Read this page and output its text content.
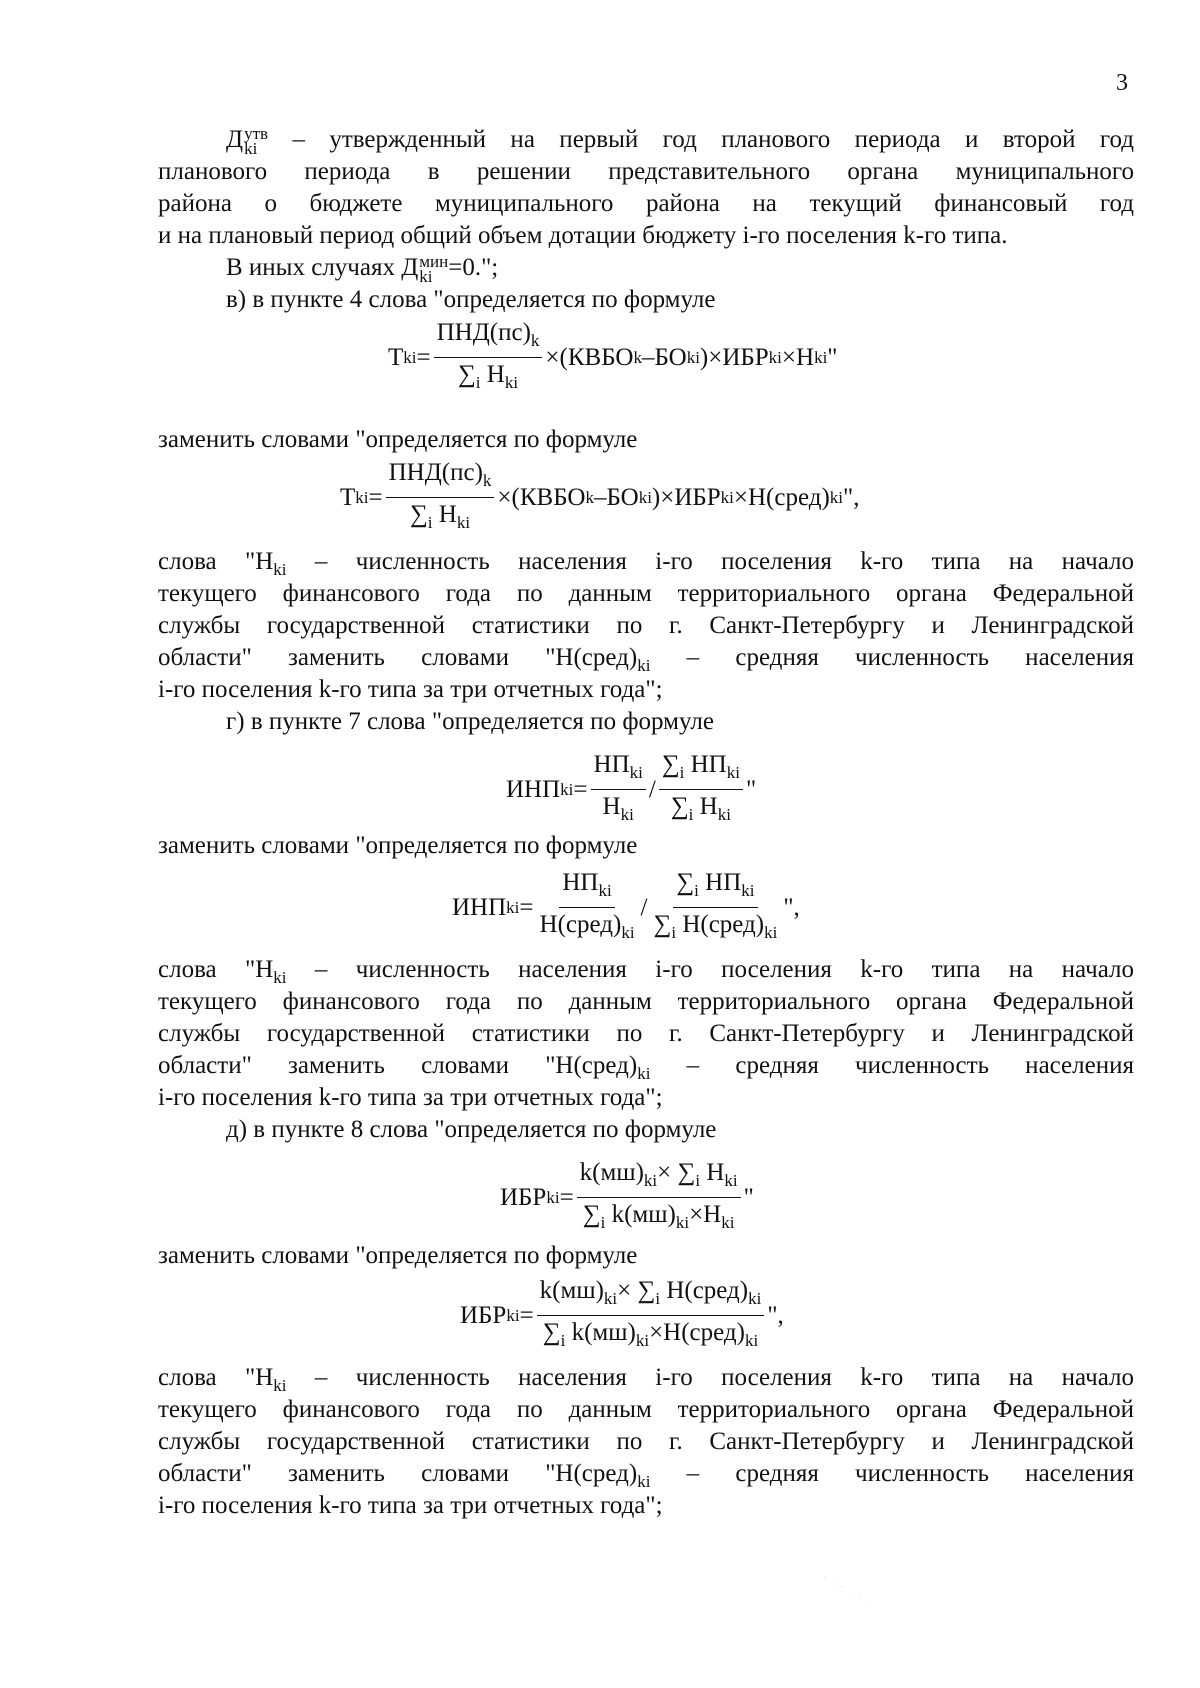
3
Д утв
ki	– утвержденный на первый год планового периода и второй год
планового периода в решении представительного органа муниципального
района о бюджете муниципального района на текущий финансовый год
и на плановый период общий объем дотации бюджету i-го поселения k-го типа.
В иных случаях Д мин
ki =0.";
в) в пункте 4 слова "определяется по формуле
T ki = $\frac{ПНД(пс)_k}{\sum_i Н_{ki}}$ ×(КВБО k –БО ki )×ИБР ki ×Н ki "
заменить словами "определяется по формуле
T ki = $\frac{ПНД(пс)_k}{\sum_i Н_{ki}}$ ×(КВБО k –БО ki )×ИБР ki ×Н(сред) ki ",
слова "$Н_{ki}$ – численность населения i-го поселения k-го типа на начало
текущего финансового года по данным территориального органа Федеральной
службы государственной статистики по г. Санкт-Петербургу и Ленинградской
области" заменить словами "$Н(сред)_{ki}$ – средняя численность населения
i-го поселения k-го типа за три отчетных года";
г) в пункте 7 слова "определяется по формуле
ИНП ki = $\frac{НП_{ki}}{Н_{ki}} / \frac{\sum_i НП_{ki}}{\sum_i Н_{ki}}$ "
заменить словами "определяется по формуле
ИНП ki = $\frac{НП_{ki}}{Н(сред)_{ki}} / \frac{\sum_i НП_{ki}}{\sum_i Н(сред)_{ki}}$ ",
слова "$Н_{ki}$ – численность населения i-го поселения k-го типа на начало
текущего финансового года по данным территориального органа Федеральной
службы государственной статистики по г. Санкт-Петербургу и Ленинградской
области" заменить словами "$Н(сред)_{ki}$ – средняя численность населения
i-го поселения k-го типа за три отчетных года";
д) в пункте 8 слова "определяется по формуле
ИБР ki = $\frac{k(мш)_{ki}\times \sum_i Н_{ki}}{\sum_i k(мш)_{ki}\times Н_{ki}}$ "
заменить словами "определяется по формуле
ИБР ki = $\frac{k(мш)_{ki}\times \sum_i Н(сред)_{ki}}{\sum_i k(мш)_{ki}\times Н(сред)_{ki}}$ ",
слова "$Н_{ki}$ – численность населения i-го поселения k-го типа на начало
текущего финансового года по данным территориального органа Федеральной
службы государственной статистики по г. Санкт-Петербургу и Ленинградской
области" заменить словами "$Н(сред)_{ki}$ – средняя численность населения
i-го поселения k-го типа за три отчетных года";
